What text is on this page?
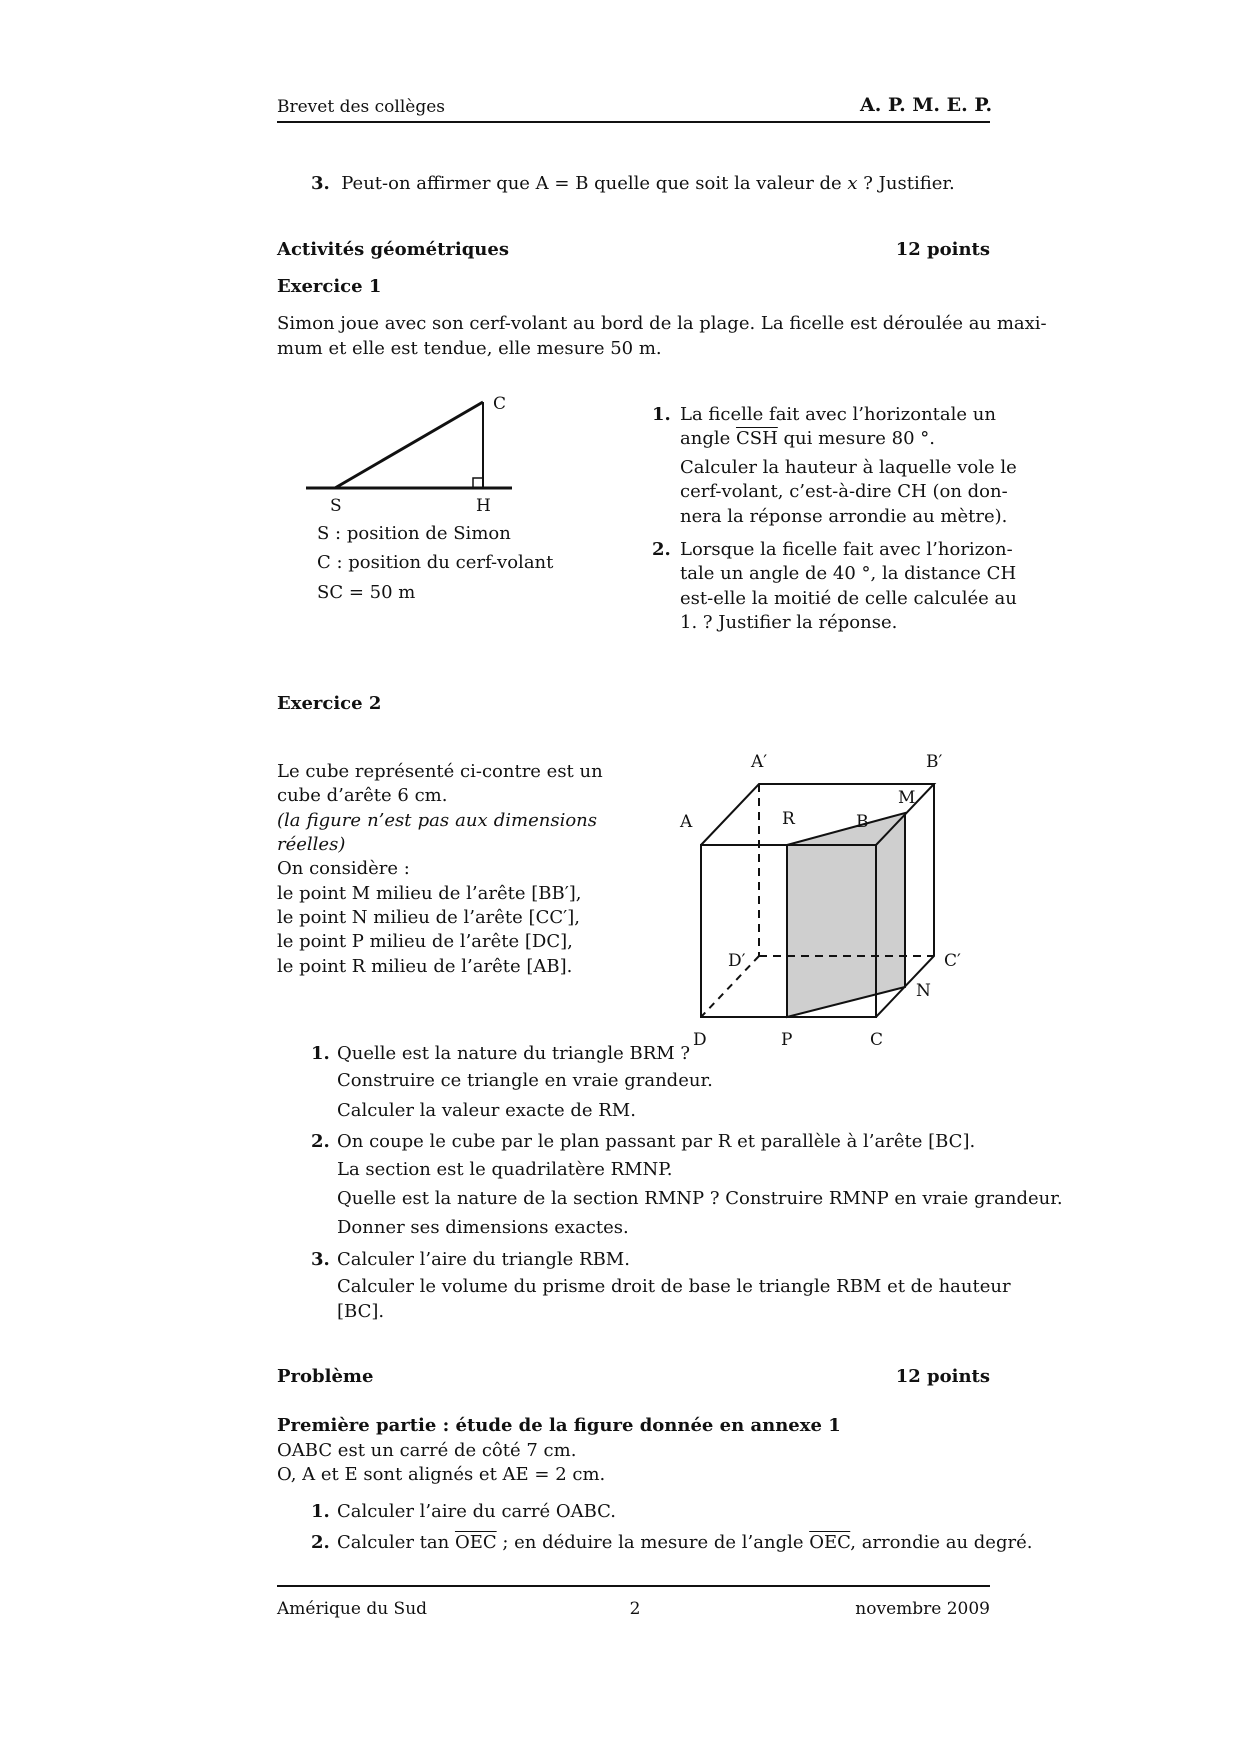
Brevet des collèges	A. P. M. E. P.
3. Peut-on affirmer que A = B quelle que soit la valeur de x ? Justifier.
Activités géométriques	12 points
Exercice 1
Simon joue avec son cerf-volant au bord de la plage. La ficelle est déroulée au maxi-
mum et elle est tendue, elle mesure 50 m.
C
S	H
S : position de Simon
C : position du cerf-volant
SC = 50 m
1. La ficelle fait avec l’horizontale un
angle $\overline{CSH}$ qui mesure 80 °.
Calculer la hauteur à laquelle vole le
cerf-volant, c’est-à-dire CH (on don-
nera la réponse arrondie au mètre).
2. Lorsque la ficelle fait avec l’horizon-
tale un angle de 40 °, la distance CH
est-elle la moitié de celle calculée au
1. ? Justifier la réponse.
Exercice 2
Le cube représenté ci-contre est un
cube d’arête 6 cm.
(la figure n’est pas aux dimensions
réelles)
On considère :
le point M milieu de l’arête [BB′],
le point N milieu de l’arête [CC′],
le point P milieu de l’arête [DC],
le point R milieu de l’arête [AB].
A′	B′
M
A	R	B
D′	C′
N
D	P	C
1. Quelle est la nature du triangle BRM ?
Construire ce triangle en vraie grandeur.
Calculer la valeur exacte de RM.
2. On coupe le cube par le plan passant par R et parallèle à l’arête [BC].
La section est le quadrilatère RMNP.
Quelle est la nature de la section RMNP ? Construire RMNP en vraie grandeur.
Donner ses dimensions exactes.
3. Calculer l’aire du triangle RBM.
Calculer le volume du prisme droit de base le triangle RBM et de hauteur
[BC].
Problème	12 points
Première partie : étude de la figure donnée en annexe 1
OABC est un carré de côté 7 cm.
O, A et E sont alignés et AE = 2 cm.
1. Calculer l’aire du carré OABC.
2. Calculer $\tan \overline{OEC}$ ; en déduire la mesure de l’angle $\overline{OEC}$, arrondie au degré.
Amérique du Sud	2	novembre 2009
